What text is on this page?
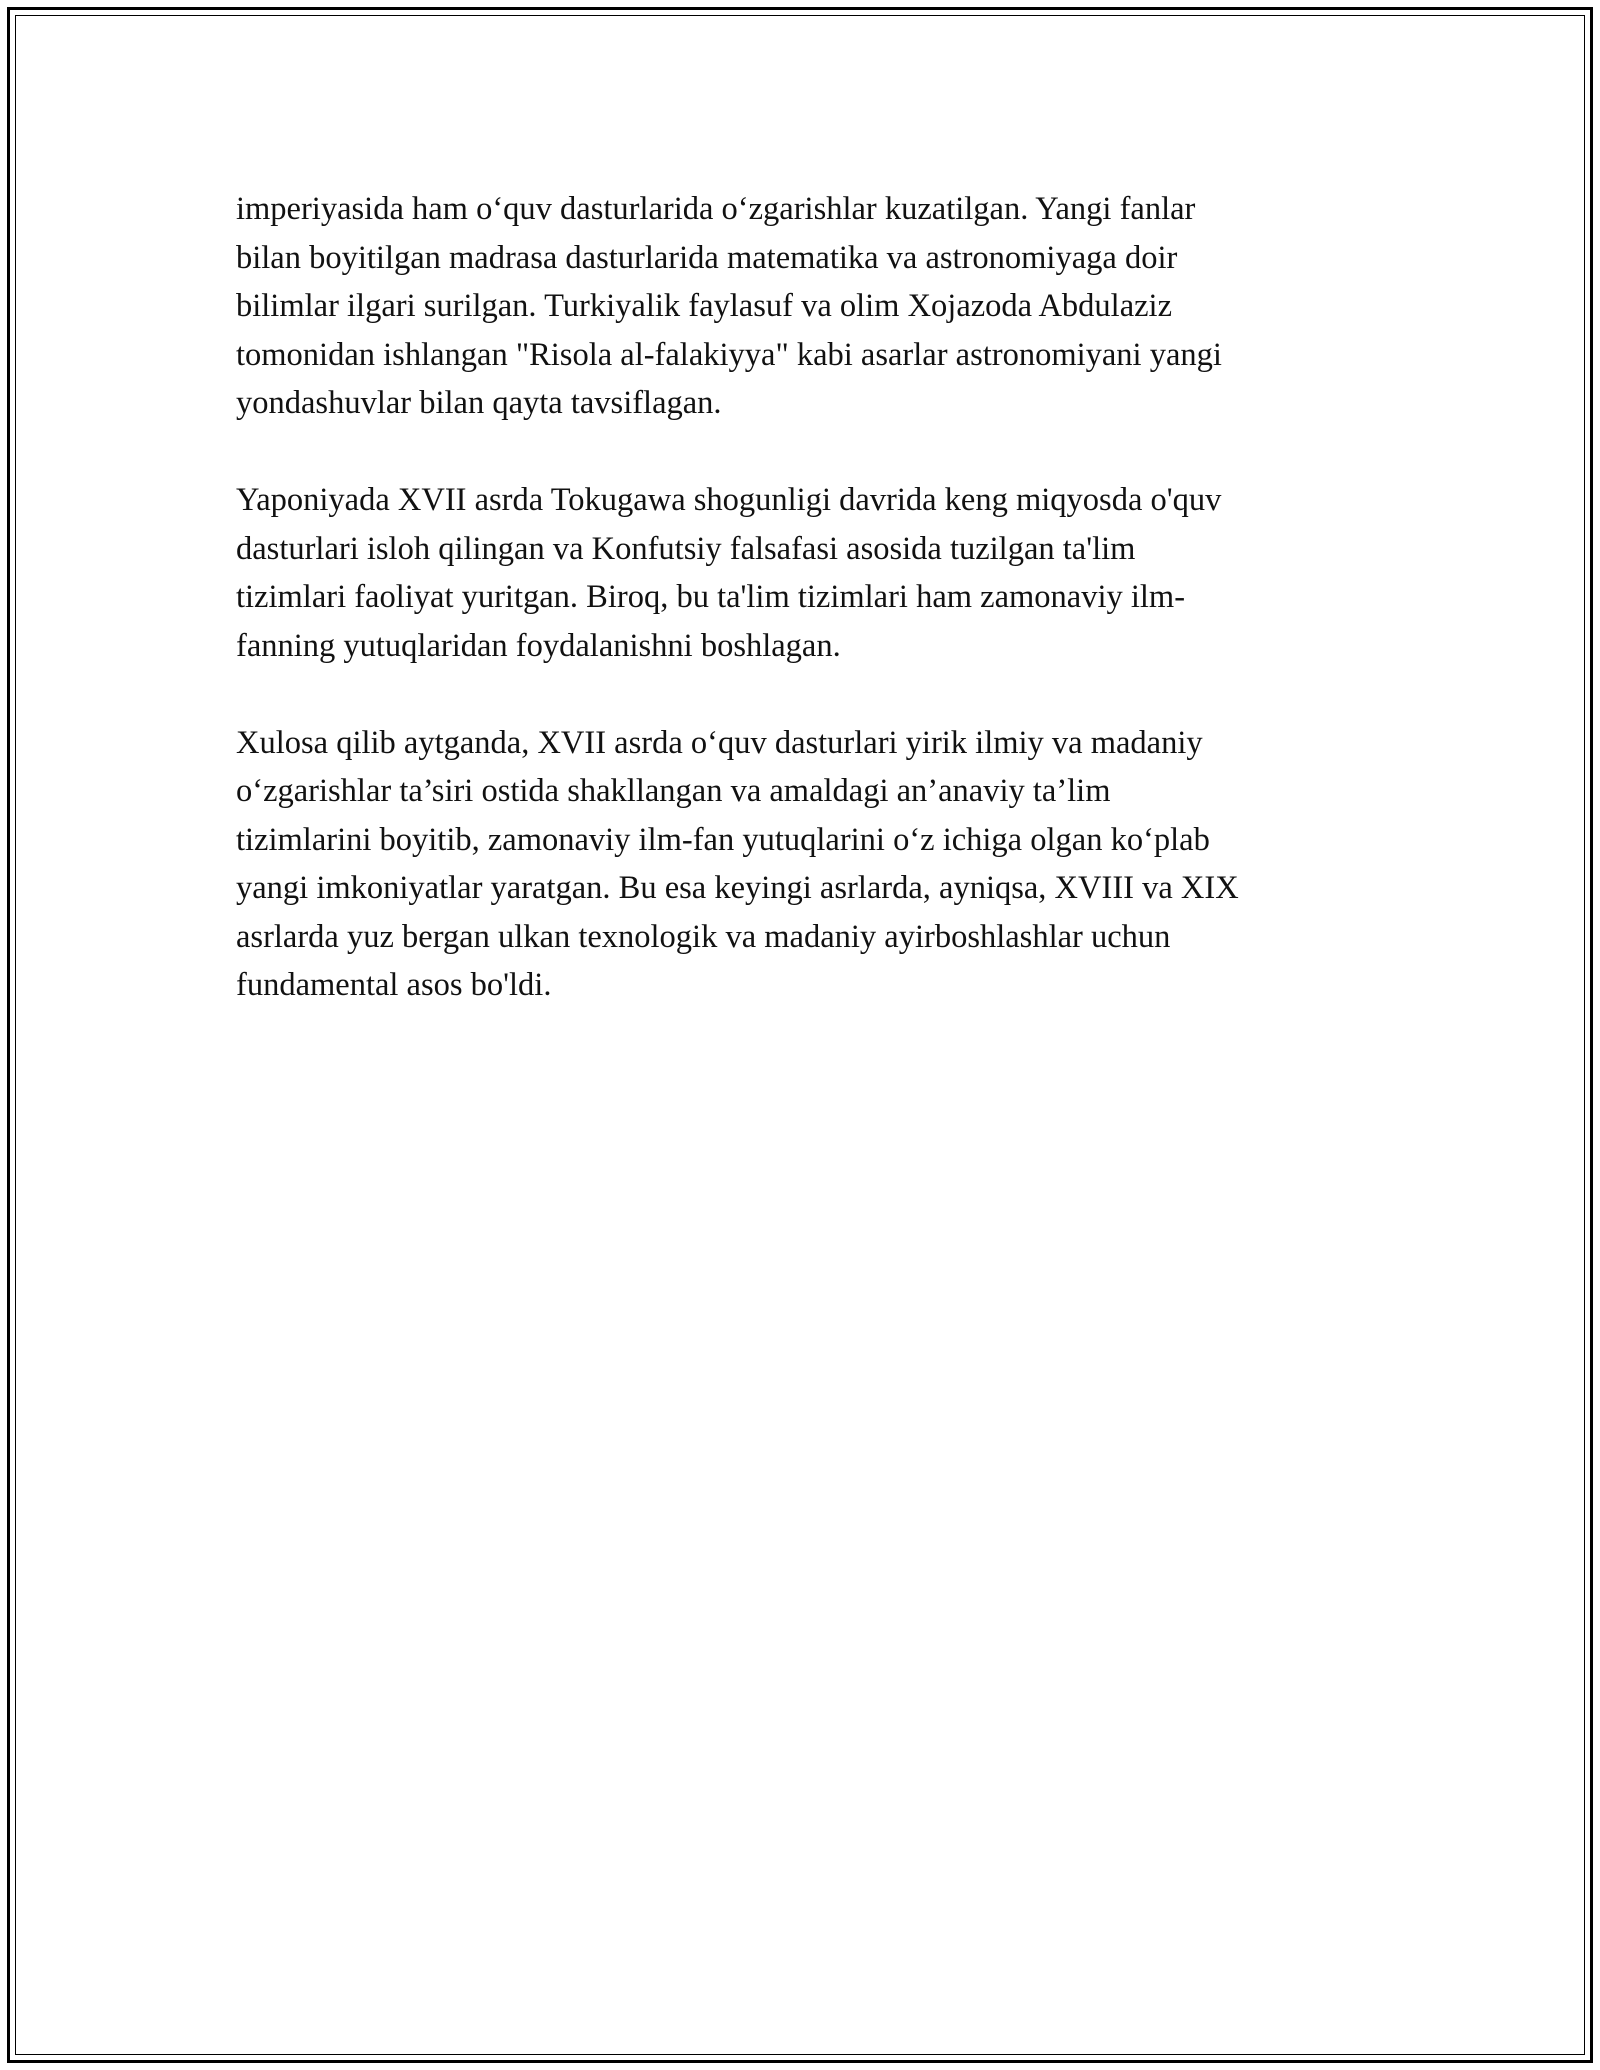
imperiyasida ham o‘quv dasturlarida o‘zgarishlar kuzatilgan. Yangi fanlar
bilan boyitilgan madrasa dasturlarida matematika va astronomiyaga doir
bilimlar ilgari surilgan. Turkiyalik faylasuf va olim Xojazoda Abdulaziz
tomonidan ishlangan "Risola al-falakiyya" kabi asarlar astronomiyani yangi
yondashuvlar bilan qayta tavsiflagan.

Yaponiyada XVII asrda Tokugawa shogunligi davrida keng miqyosda o'quv
dasturlari isloh qilingan va Konfutsiy falsafasi asosida tuzilgan ta'lim
tizimlari faoliyat yuritgan. Biroq, bu ta'lim tizimlari ham zamonaviy ilm-
fanning yutuqlaridan foydalanishni boshlagan.

Xulosa qilib aytganda, XVII asrda o‘quv dasturlari yirik ilmiy va madaniy
o‘zgarishlar ta’siri ostida shakllangan va amaldagi an’anaviy ta’lim
tizimlarini boyitib, zamonaviy ilm-fan yutuqlarini o‘z ichiga olgan ko‘plab
yangi imkoniyatlar yaratgan. Bu esa keyingi asrlarda, ayniqsa, XVIII va XIX
asrlarda yuz bergan ulkan texnologik va madaniy ayirboshlashlar uchun
fundamental asos bo'ldi.
